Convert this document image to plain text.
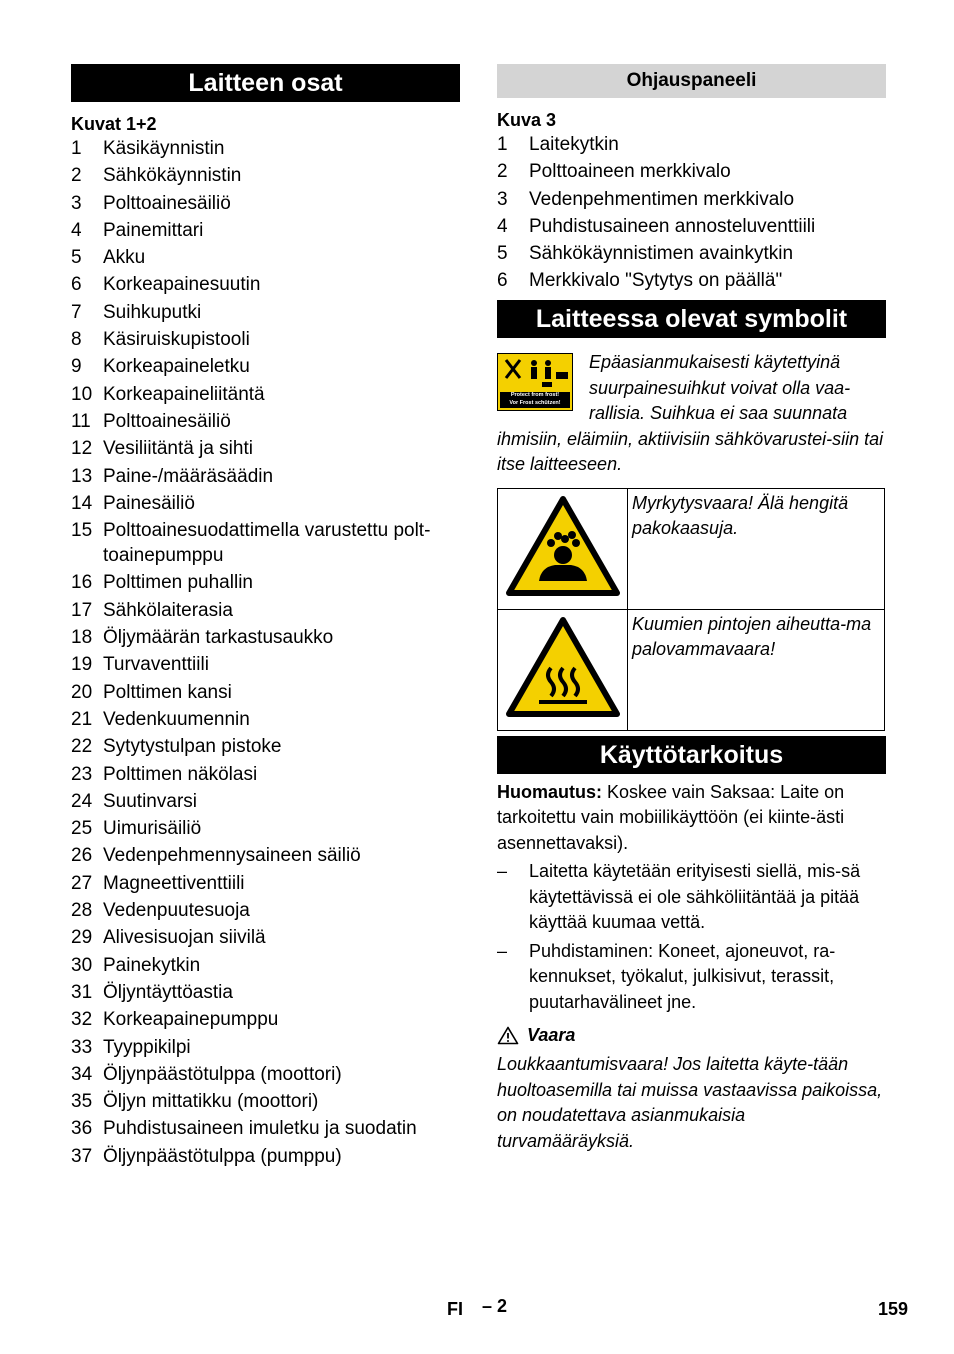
Laitteen osat
Kuvat 1+2
1	Käsikäynnistin
2	Sähkökäynnistin
3	Polttoainesäiliö
4	Painemittari
5	Akku
6	Korkeapainesuutin
7	Suihkuputki
8	Käsiruiskupistooli
9	Korkeapaineletku
10 Korkeapaineliitäntä
11 Polttoainesäiliö
12 Vesiliitäntä ja sihti
13 Paine-/määräsäädin
14 Painesäiliö
15 Polttoainesuodattimella varustettu polt-toainepumppu
16 Polttimen puhallin
17 Sähkölaiterasia
18 Öljymäärän tarkastusaukko
19 Turvaventtiili
20 Polttimen kansi
21 Vedenkuumennin
22 Sytytystulpan pistoke
23 Polttimen näkölasi
24 Suutinvarsi
25 Uimurisäiliö
26 Vedenpehmennysaineen säiliö
27 Magneettiventtiili
28 Vedenpuutesuoja
29 Alivesisuojan siivilä
30 Painekytkin
31 Öljyntäyttöastia
32 Korkeapainepumppu
33 Tyyppikilpi
34 Öljynpäästötulppa (moottori)
35 Öljyn mittatikku (moottori)
36 Puhdistusaineen imuletku ja suodatin
37 Öljynpäästötulppa (pumppu)
Ohjauspaneeli
Kuva 3
1	Laitekytkin
2	Polttoaineen merkkivalo
3	Vedenpehmentimen merkkivalo
4	Puhdistusaineen annosteluventtiili
5	Sähkökäynnistimen avainkytkin
6	Merkkivalo "Sytytys on päällä"
Laitteessa olevat symbolit
Protect from frost!
Vor Frost schützen!
Epäasianmukaisesti käytettyinä suurpainesuihkut voivat olla vaa-rallisia. Suihkua ei saa suunnata ihmisiin, eläimiin, aktiivisiin sähkövarustei-siin tai itse laitteeseen.
	Myrkytysvaara! Älä hengitä pakokaasuja.
	Kuumien pintojen aiheutta-ma palovammavaara!
Käyttötarkoitus
Huomautus: Koskee vain Saksaa: Laite on tarkoitettu vain mobiilikäyttöön (ei kiinte-ästi asennettavaksi).
–	Laitetta käytetään erityisesti siellä, mis-sä käytettävissä ei ole sähköliitäntää ja pitää käyttää kuumaa vettä.
–	Puhdistaminen: Koneet, ajoneuvot, ra-kennukset, työkalut, julkisivut, terassit, puutarhavälineet jne.
Vaara
Loukkaantumisvaara! Jos laitetta käyte-tään huoltoasemilla tai muissa vastaavissa paikoissa, on noudatettava asianmukaisia turvamääräyksiä.
FI – 2	159
